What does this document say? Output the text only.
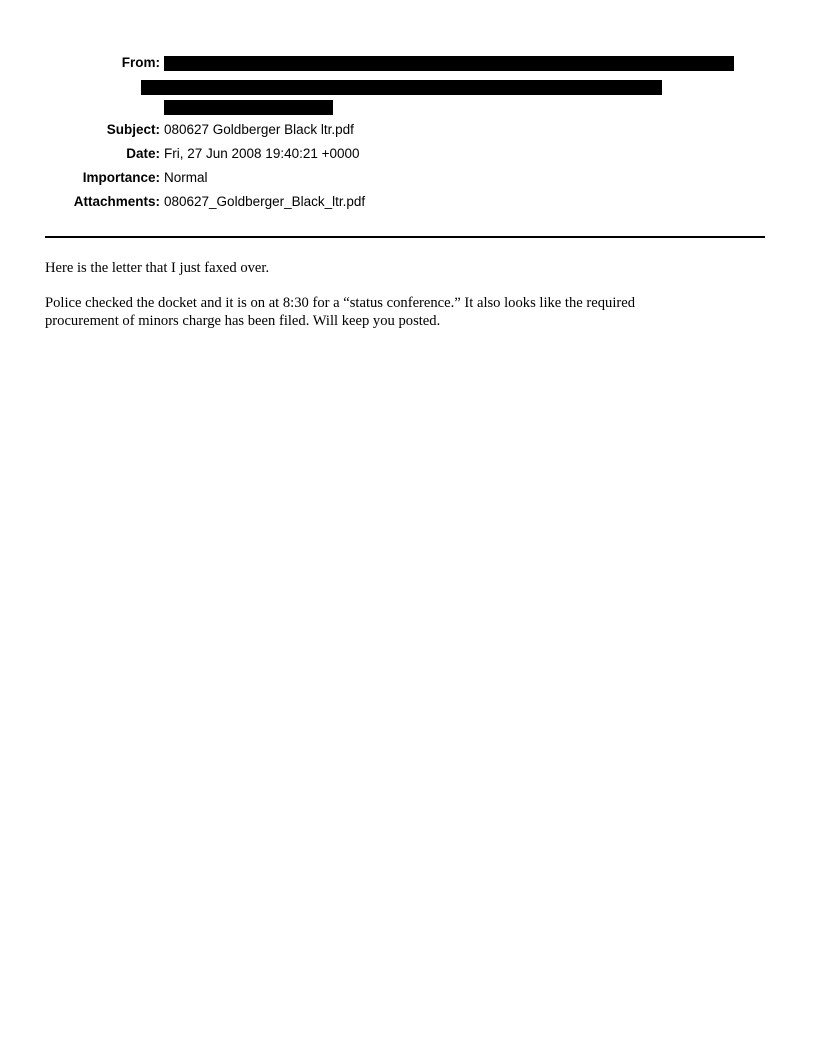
From:
Subject: 080627 Goldberger Black ltr.pdf
Date: Fri, 27 Jun 2008 19:40:21 +0000
Importance: Normal
Attachments: 080627_Goldberger_Black_ltr.pdf
Here is the letter that I just faxed over.
Police checked the docket and it is on at 8:30 for a “status conference.” It also looks like the required
procurement of minors charge has been filed. Will keep you posted.
